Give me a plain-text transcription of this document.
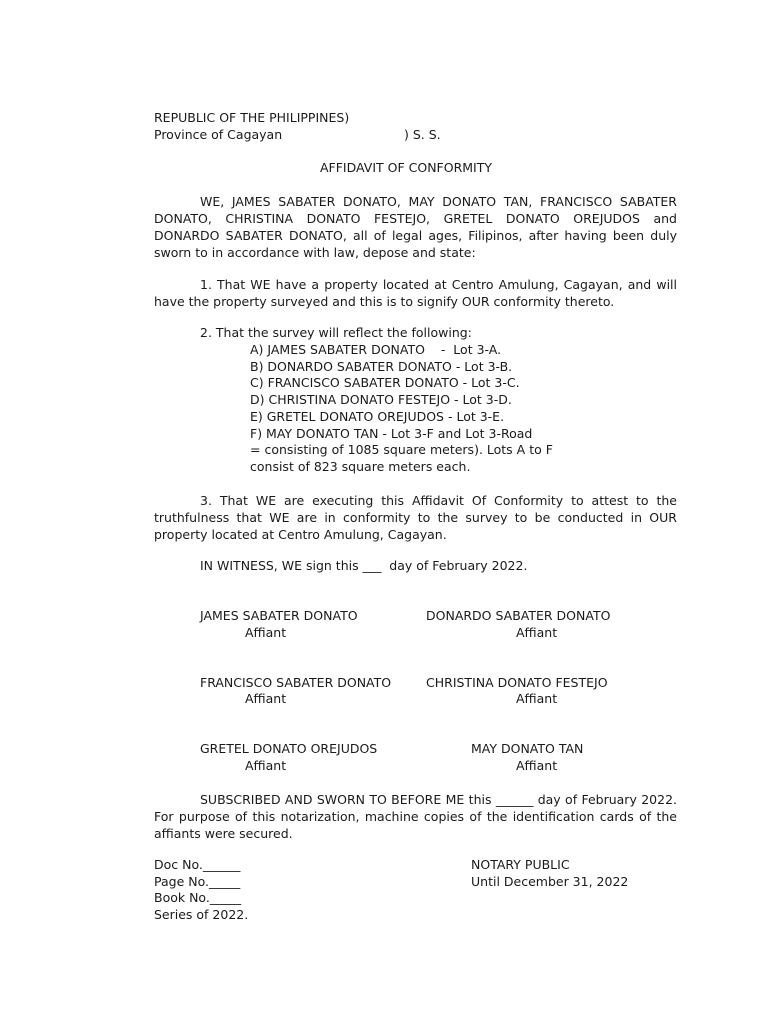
REPUBLIC OF THE PHILIPPINES)
Province of Cagayan	) S. S.
AFFIDAVIT OF CONFORMITY

WE, JAMES SABATER DONATO, MAY DONATO TAN, FRANCISCO SABATER DONATO, CHRISTINA DONATO FESTEJO, GRETEL DONATO OREJUDOS and DONARDO SABATER DONATO, all of legal ages, Filipinos, after having been duly sworn to in accordance with law, depose and state:

1. That WE have a property located at Centro Amulung, Cagayan, and will have the property surveyed and this is to signify OUR conformity thereto.

2. That the survey will reflect the following:
A) JAMES SABATER DONATO    -  Lot 3-A.
B) DONARDO SABATER DONATO - Lot 3-B.
C) FRANCISCO SABATER DONATO - Lot 3-C.
D) CHRISTINA DONATO FESTEJO - Lot 3-D.
E) GRETEL DONATO OREJUDOS - Lot 3-E.
F) MAY DONATO TAN - Lot 3-F and Lot 3-Road
= consisting of 1085 square meters). Lots A to F
consist of 823 square meters each.

3. That WE are executing this Affidavit Of Conformity to attest to the truthfulness that WE are in conformity to the survey to be conducted in OUR property located at Centro Amulung, Cagayan.

IN WITNESS, WE sign this ___  day of February 2022.
JAMES SABATER DONATO
Affiant
DONARDO SABATER DONATO
Affiant
FRANCISCO SABATER DONATO
Affiant
CHRISTINA DONATO FESTEJO
Affiant
GRETEL DONATO OREJUDOS
Affiant
MAY DONATO TAN
Affiant

SUBSCRIBED AND SWORN TO BEFORE ME this ______ day of February 2022. For purpose of this notarization, machine copies of the identification cards of the affiants were secured.

Doc No.______
Page No._____
Book No._____
Series of 2022.
NOTARY PUBLIC
Until December 31, 2022
